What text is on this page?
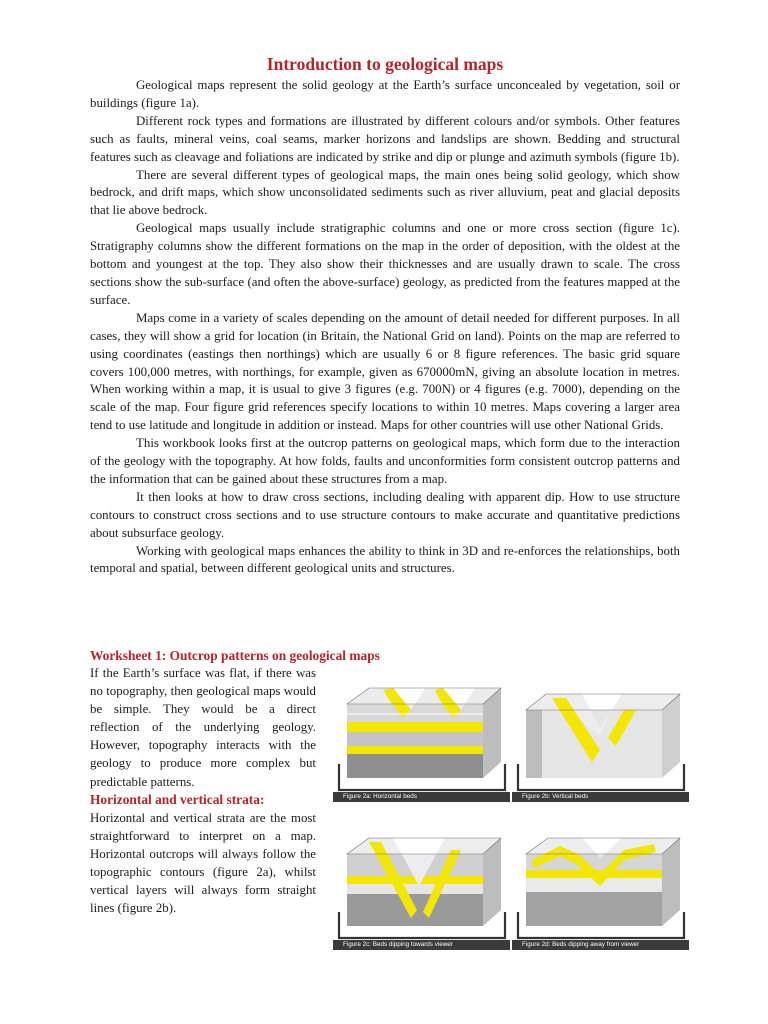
Introduction to geological maps

Geological maps represent the solid geology at the Earth’s surface unconcealed by vegetation, soil or buildings (figure 1a).

Different rock types and formations are illustrated by different colours and/or symbols. Other features such as faults, mineral veins, coal seams, marker horizons and landslips are shown. Bedding and structural features such as cleavage and foliations are indicated by strike and dip or plunge and azimuth symbols (figure 1b).

There are several different types of geological maps, the main ones being solid geology, which show bedrock, and drift maps, which show unconsolidated sediments such as river alluvium, peat and glacial deposits that lie above bedrock.

Geological maps usually include stratigraphic columns and one or more cross section (figure 1c). Stratigraphy columns show the different formations on the map in the order of deposition, with the oldest at the bottom and youngest at the top. They also show their thicknesses and are usually drawn to scale. The cross sections show the sub-surface (and often the above-surface) geology, as predicted from the features mapped at the surface.

Maps come in a variety of scales depending on the amount of detail needed for different purposes. In all cases, they will show a grid for location (in Britain, the National Grid on land). Points on the map are referred to using coordinates (eastings then northings) which are usually 6 or 8 figure references. The basic grid square covers 100,000 metres, with northings, for example, given as 670000mN, giving an absolute location in metres. When working within a map, it is usual to give 3 figures (e.g. 700N) or 4 figures (e.g. 7000), depending on the scale of the map. Four figure grid references specify locations to within 10 metres. Maps covering a larger area tend to use latitude and longitude in addition or instead. Maps for other countries will use other National Grids.

This workbook looks first at the outcrop patterns on geological maps, which form due to the interaction of the geology with the topography. At how folds, faults and unconformities form consistent outcrop patterns and the information that can be gained about these structures from a map.

It then looks at how to draw cross sections, including dealing with apparent dip. How to use structure contours to construct cross sections and to use structure contours to make accurate and quantitative predictions about subsurface geology.

Working with geological maps enhances the ability to think in 3D and re-enforces the relationships, both temporal and spatial, between different geological units and structures.

Worksheet 1: Outcrop patterns on geological maps

If the Earth’s surface was flat, if there was no topography, then geological maps would be simple. They would be a direct reflection of the underlying geology. However, topography interacts with the geology to produce more complex but predictable patterns.

Horizontal and vertical strata:

Horizontal and vertical strata are the most straightforward to interpret on a map. Horizontal outcrops will always follow the topographic contours (figure 2a), whilst vertical layers will always form straight lines (figure 2b).

Figure 2a: Horizontal beds	Figure 2b: Vertical beds
Figure 2c: Beds dipping towards viewer	Figure 2d: Beds dipping away from viewer
